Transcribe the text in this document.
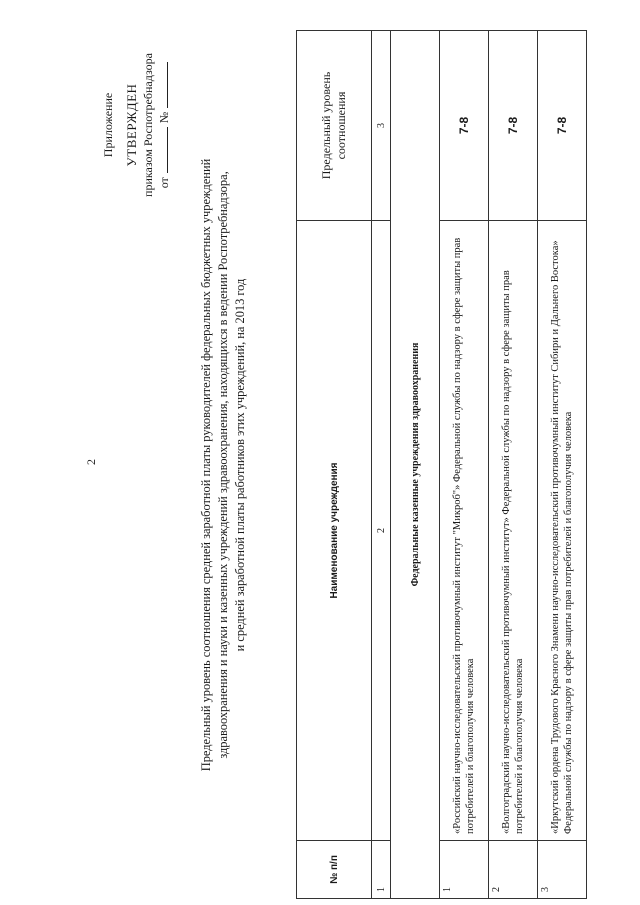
2
Приложение УТВЕРЖДЕН приказом Роспотребнадзора от
№
Предельный уровень соотношения средней заработной платы руководителей федеральных бюджетных учреждений здравоохранения и науки и казенных учреждений здравоохранения, находящихся в ведении Роспотребнадзора, и средней заработной платы работников этих учреждений, на 2013 год
№ п/п	Наименование учреждения	Предельный уровень соотношения
1	2	3
Федеральные казенные учреждения здравоохранения		
1	«Российский научно-исследовательский противочумный институт "Микроб"» Федеральной службы по надзору в сфере защиты прав потребителей и благополучия человека	7-8
2	«Волгоградский научно-исследовательский противочумный институт» Федеральной службы по надзору в сфере защиты прав потребителей и благополучия человека	7-8
3	«Иркутский ордена Трудового Красного Знамени научно-исследовательский противочумный институт Сибири и Дальнего Востока» Федеральной службы по надзору в сфере защиты прав потребителей и благополучия человека	7-8
